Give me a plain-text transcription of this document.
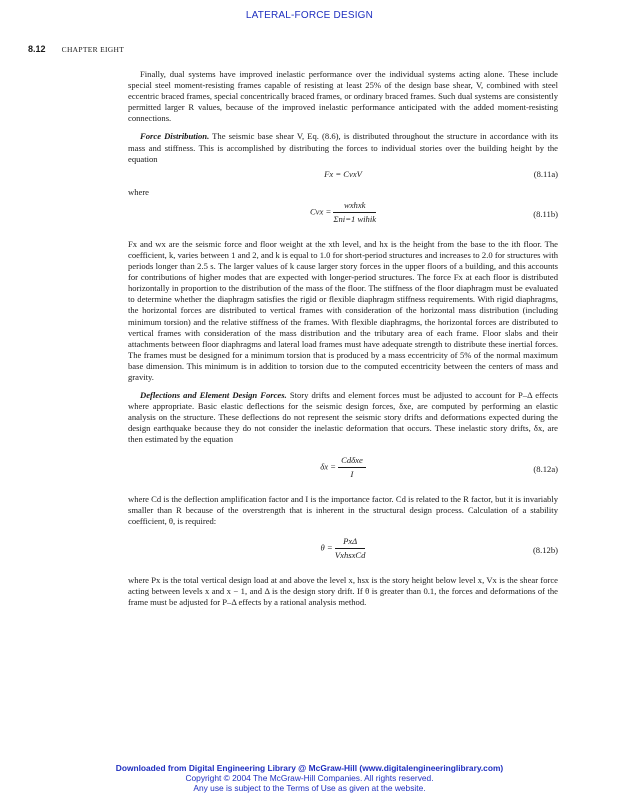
LATERAL-FORCE DESIGN
8.12 CHAPTER EIGHT

Finally, dual systems have improved inelastic performance over the individual systems acting alone. These include special steel moment-resisting frames capable of resisting at least 25% of the design base shear, V, combined with steel eccentric braced frames, special concentrically braced frames, or ordinary braced frames. Such dual systems are consistently permitted larger R values, because of the improved inelastic performance anticipated with the added moment-resisting connections.

Force Distribution. The seismic base shear V, Eq. (8.6), is distributed throughout the structure in accordance with its mass and stiffness. This is accomplished by distributing the forces to individual stories over the building height by the equation

Fx = CvxV	(8.11a)

where

Cvx = $\frac{\text{wxhxk}}{\text{Σni=1 wihik}}$	(8.11b)

Fx and wx are the seismic force and floor weight at the xth level, and hx is the height from the base to the ith floor. The coefficient, k, varies between 1 and 2, and k is equal to 1.0 for short-period structures and increases to 2.0 for structures with periods longer than 2.5 s. The larger values of k cause larger story forces in the upper floors of a building, and this accounts for contributions of higher modes that are expected with longer-period structures. The force Fx at each floor is distributed horizontally in proportion to the distribution of the mass of the floor. The stiffness of the floor diaphragm must be evaluated to determine whether the diaphragm satisfies the rigid or flexible diaphragm stiffness requirements. With rigid diaphragms, the horizontal forces are distributed to vertical frames with consideration of the horizontal mass distribution (including minimum torsion) and the relative stiffness of the frames. With flexible diaphragms, the horizontal forces are distributed to vertical frames with consideration of the mass distribution and the tributary area of each frame. Floor slabs and their attachments between floor diaphragms and lateral load frames must have adequate strength to distribute these inertial forces. The frames must be designed for a minimum torsion that is produced by a mass eccentricity of 5% of the normal maximum base dimension. This minimum is in addition to torsion due to the computed eccentricity between the centers of mass and gravity.

Deflections and Element Design Forces. Story drifts and element forces must be adjusted to account for P–Δ effects where appropriate. Basic elastic deflections for the seismic design forces, δxe, are computed by performing an elastic analysis on the structure. These deflections do not represent the seismic story drifts and deformations expected during the design earthquake because they do not consider the inelastic deformation that occurs. These inelastic story drifts, δx, are then estimated by the equation

$\delta x = \frac{\text{Cdδxe}}{I}$	(8.12a)

where Cd is the deflection amplification factor and I is the importance factor. Cd is related to the R factor, but it is invariably smaller than R because of the overstrength that is inherent in the structural design process. Calculation of a stability coefficient, θ, is required:

$\theta = \frac{\text{PxΔ}}{\text{VxhsxCd}}$	(8.12b)

where Px is the total vertical design load at and above the level x, hsx is the story height below level x, Vx is the shear force acting between levels x and x − 1, and Δ is the design story drift. If θ is greater than 0.1, the forces and deformations of the frame must be adjusted for P–Δ effects by a rational analysis method.

Downloaded from Digital Engineering Library @ McGraw-Hill (www.digitalengineeringlibrary.com)
Copyright © 2004 The McGraw-Hill Companies. All rights reserved.
Any use is subject to the Terms of Use as given at the website.
